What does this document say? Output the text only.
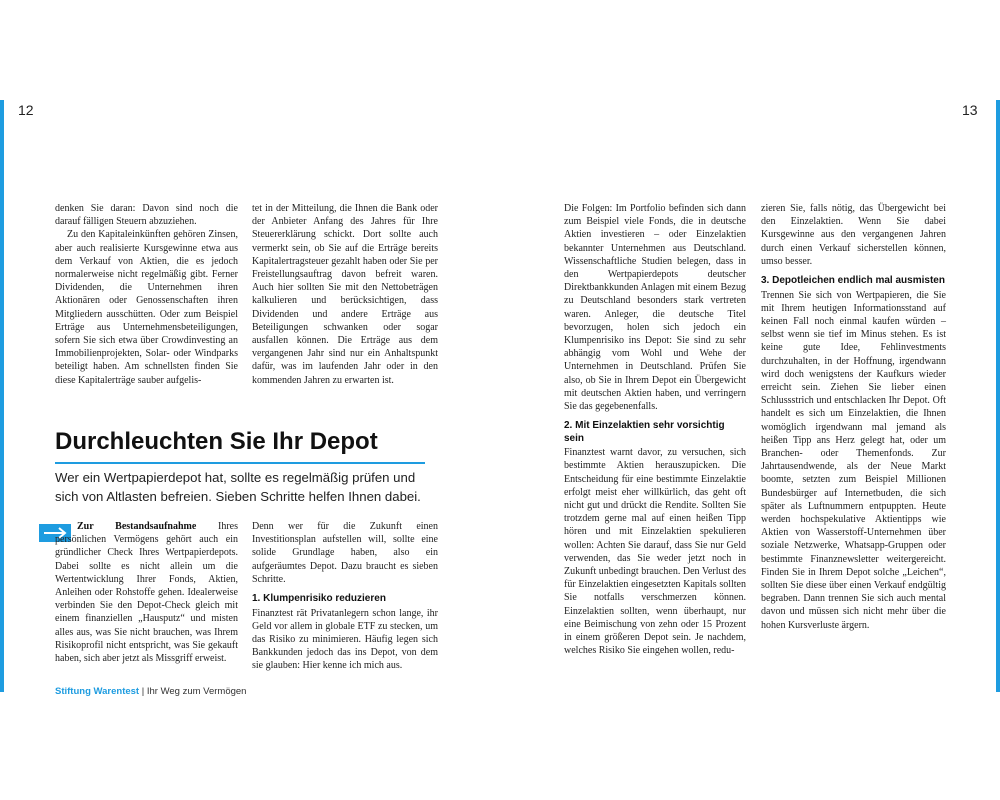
12	13

denken Sie daran: Davon sind noch die darauf fälligen Steuern abzuziehen.

Zu den Kapitaleinkünften gehören Zinsen, aber auch realisierte Kursgewinne etwa aus dem Verkauf von Aktien, die es jedoch normalerweise nicht regelmäßig gibt. Ferner Dividenden, die Unternehmen ihren Aktionären oder Genossenschaften ihren Mitgliedern ausschütten. Oder zum Beispiel Erträge aus Unternehmensbeteiligungen, sofern Sie sich etwa über Crowdinvesting an Immobilienprojekten, Solar- oder Windparks beteiligt haben. Am schnellsten finden Sie diese Kapitalerträge sauber aufgelis-

tet in der Mitteilung, die Ihnen die Bank oder der Anbieter Anfang des Jahres für Ihre Steuererklärung schickt. Dort sollte auch vermerkt sein, ob Sie auf die Erträge bereits Kapitalertragsteuer gezahlt haben oder Sie per Freistellungsauftrag davon befreit waren. Auch hier sollten Sie mit den Nettobeträgen kalkulieren und berücksichtigen, dass Dividenden und andere Erträge aus Beteiligungen schwanken oder sogar ausfallen können. Die Erträge aus dem vergangenen Jahr sind nur ein Anhaltspunkt dafür, was im laufenden Jahr oder in den kommenden Jahren zu erwarten ist.

Durchleuchten Sie Ihr Depot
Wer ein Wertpapierdepot hat, sollte es regelmäßig prüfen und sich von Altlasten befreien. Sieben Schritte helfen Ihnen dabei.

Zur Bestandsaufnahme Ihres persönlichen Vermögens gehört auch ein gründlicher Check Ihres Wertpapierdepots. Dabei sollte es nicht allein um die Wertentwicklung Ihrer Fonds, Aktien, Anleihen oder Rohstoffe gehen. Idealerweise verbinden Sie den Depot-Check gleich mit einem finanziellen „Hausputz“ und misten alles aus, was Sie nicht brauchen, was Ihrem Risikoprofil nicht entspricht, was Sie gekauft haben, sich aber jetzt als Missgriff erweist.

Denn wer für die Zukunft einen Investitionsplan aufstellen will, sollte eine solide Grundlage haben, also ein aufgeräumtes Depot. Dazu braucht es sieben Schritte.

1. Klumpenrisiko reduzieren

Finanztest rät Privatanlegern schon lange, ihr Geld vor allem in globale ETF zu stecken, um das Risiko zu minimieren. Häufig legen sich Bankkunden jedoch das ins Depot, von dem sie glauben: Hier kenne ich mich aus.

Stiftung Warentest | Ihr Weg zum Vermögen

Die Folgen: Im Portfolio befinden sich dann zum Beispiel viele Fonds, die in deutsche Aktien investieren – oder Einzelaktien bekannter Unternehmen aus Deutschland. Wissenschaftliche Studien belegen, dass in den Wertpapierdepots deutscher Direktbankkunden Anlagen mit einem Bezug zu Deutschland besonders stark vertreten waren. Anleger, die deutsche Titel bevorzugen, holen sich jedoch ein Klumpenrisiko ins Depot: Sie sind zu sehr abhängig vom Wohl und Wehe der Unternehmen in Deutschland. Prüfen Sie also, ob Sie in Ihrem Depot ein Übergewicht mit deutschen Aktien haben, und verringern Sie das gegebenenfalls.

2. Mit Einzelaktien sehr vorsichtig sein

Finanztest warnt davor, zu versuchen, sich bestimmte Aktien herauszupicken. Die Entscheidung für eine bestimmte Einzelaktie erfolgt meist eher willkürlich, das geht oft nicht gut und drückt die Rendite. Sollten Sie trotzdem gerne mal auf einen heißen Tipp hören und mit Einzelaktien spekulieren wollen: Achten Sie darauf, dass Sie nur Geld verwenden, das Sie weder jetzt noch in Zukunft unbedingt brauchen. Den Verlust des für Einzelaktien eingesetzten Kapitals sollten Sie notfalls verschmerzen können. Einzelaktien sollten, wenn überhaupt, nur eine Beimischung von zehn oder 15 Prozent in einem größeren Depot sein. Je nachdem, welches Risiko Sie eingehen wollen, redu-

zieren Sie, falls nötig, das Übergewicht bei den Einzelaktien. Wenn Sie dabei Kursgewinne aus den vergangenen Jahren durch einen Verkauf sicherstellen können, umso besser.

3. Depotleichen endlich mal ausmisten

Trennen Sie sich von Wertpapieren, die Sie mit Ihrem heutigen Informationsstand auf keinen Fall noch einmal kaufen würden – selbst wenn sie tief im Minus stehen. Es ist keine gute Idee, Fehlinvestments durchzuhalten, in der Hoffnung, irgendwann wird doch wenigstens der Kaufkurs wieder erreicht sein. Ziehen Sie lieber einen Schlussstrich und entschlacken Ihr Depot. Oft handelt es sich um Einzelaktien, die Ihnen womöglich irgendwann mal jemand als heißen Tipp ans Herz gelegt hat, oder um Branchen- oder Themenfonds. Zur Jahrtausendwende, als der Neue Markt boomte, setzten zum Beispiel Millionen Bundesbürger auf Internetbuden, die sich später als Luftnummern entpuppten. Heute werden hochspekulative Aktientipps wie Aktien von Wasserstoff-Unternehmen über soziale Netzwerke, Whatsapp-Gruppen oder bestimmte Finanznewsletter weitergereicht. Finden Sie in Ihrem Depot solche „Leichen“, sollten Sie diese über einen Verkauf endgültig begraben. Dann trennen Sie sich auch mental davon und müssen sich nicht mehr über die hohen Kursverluste ärgern.
